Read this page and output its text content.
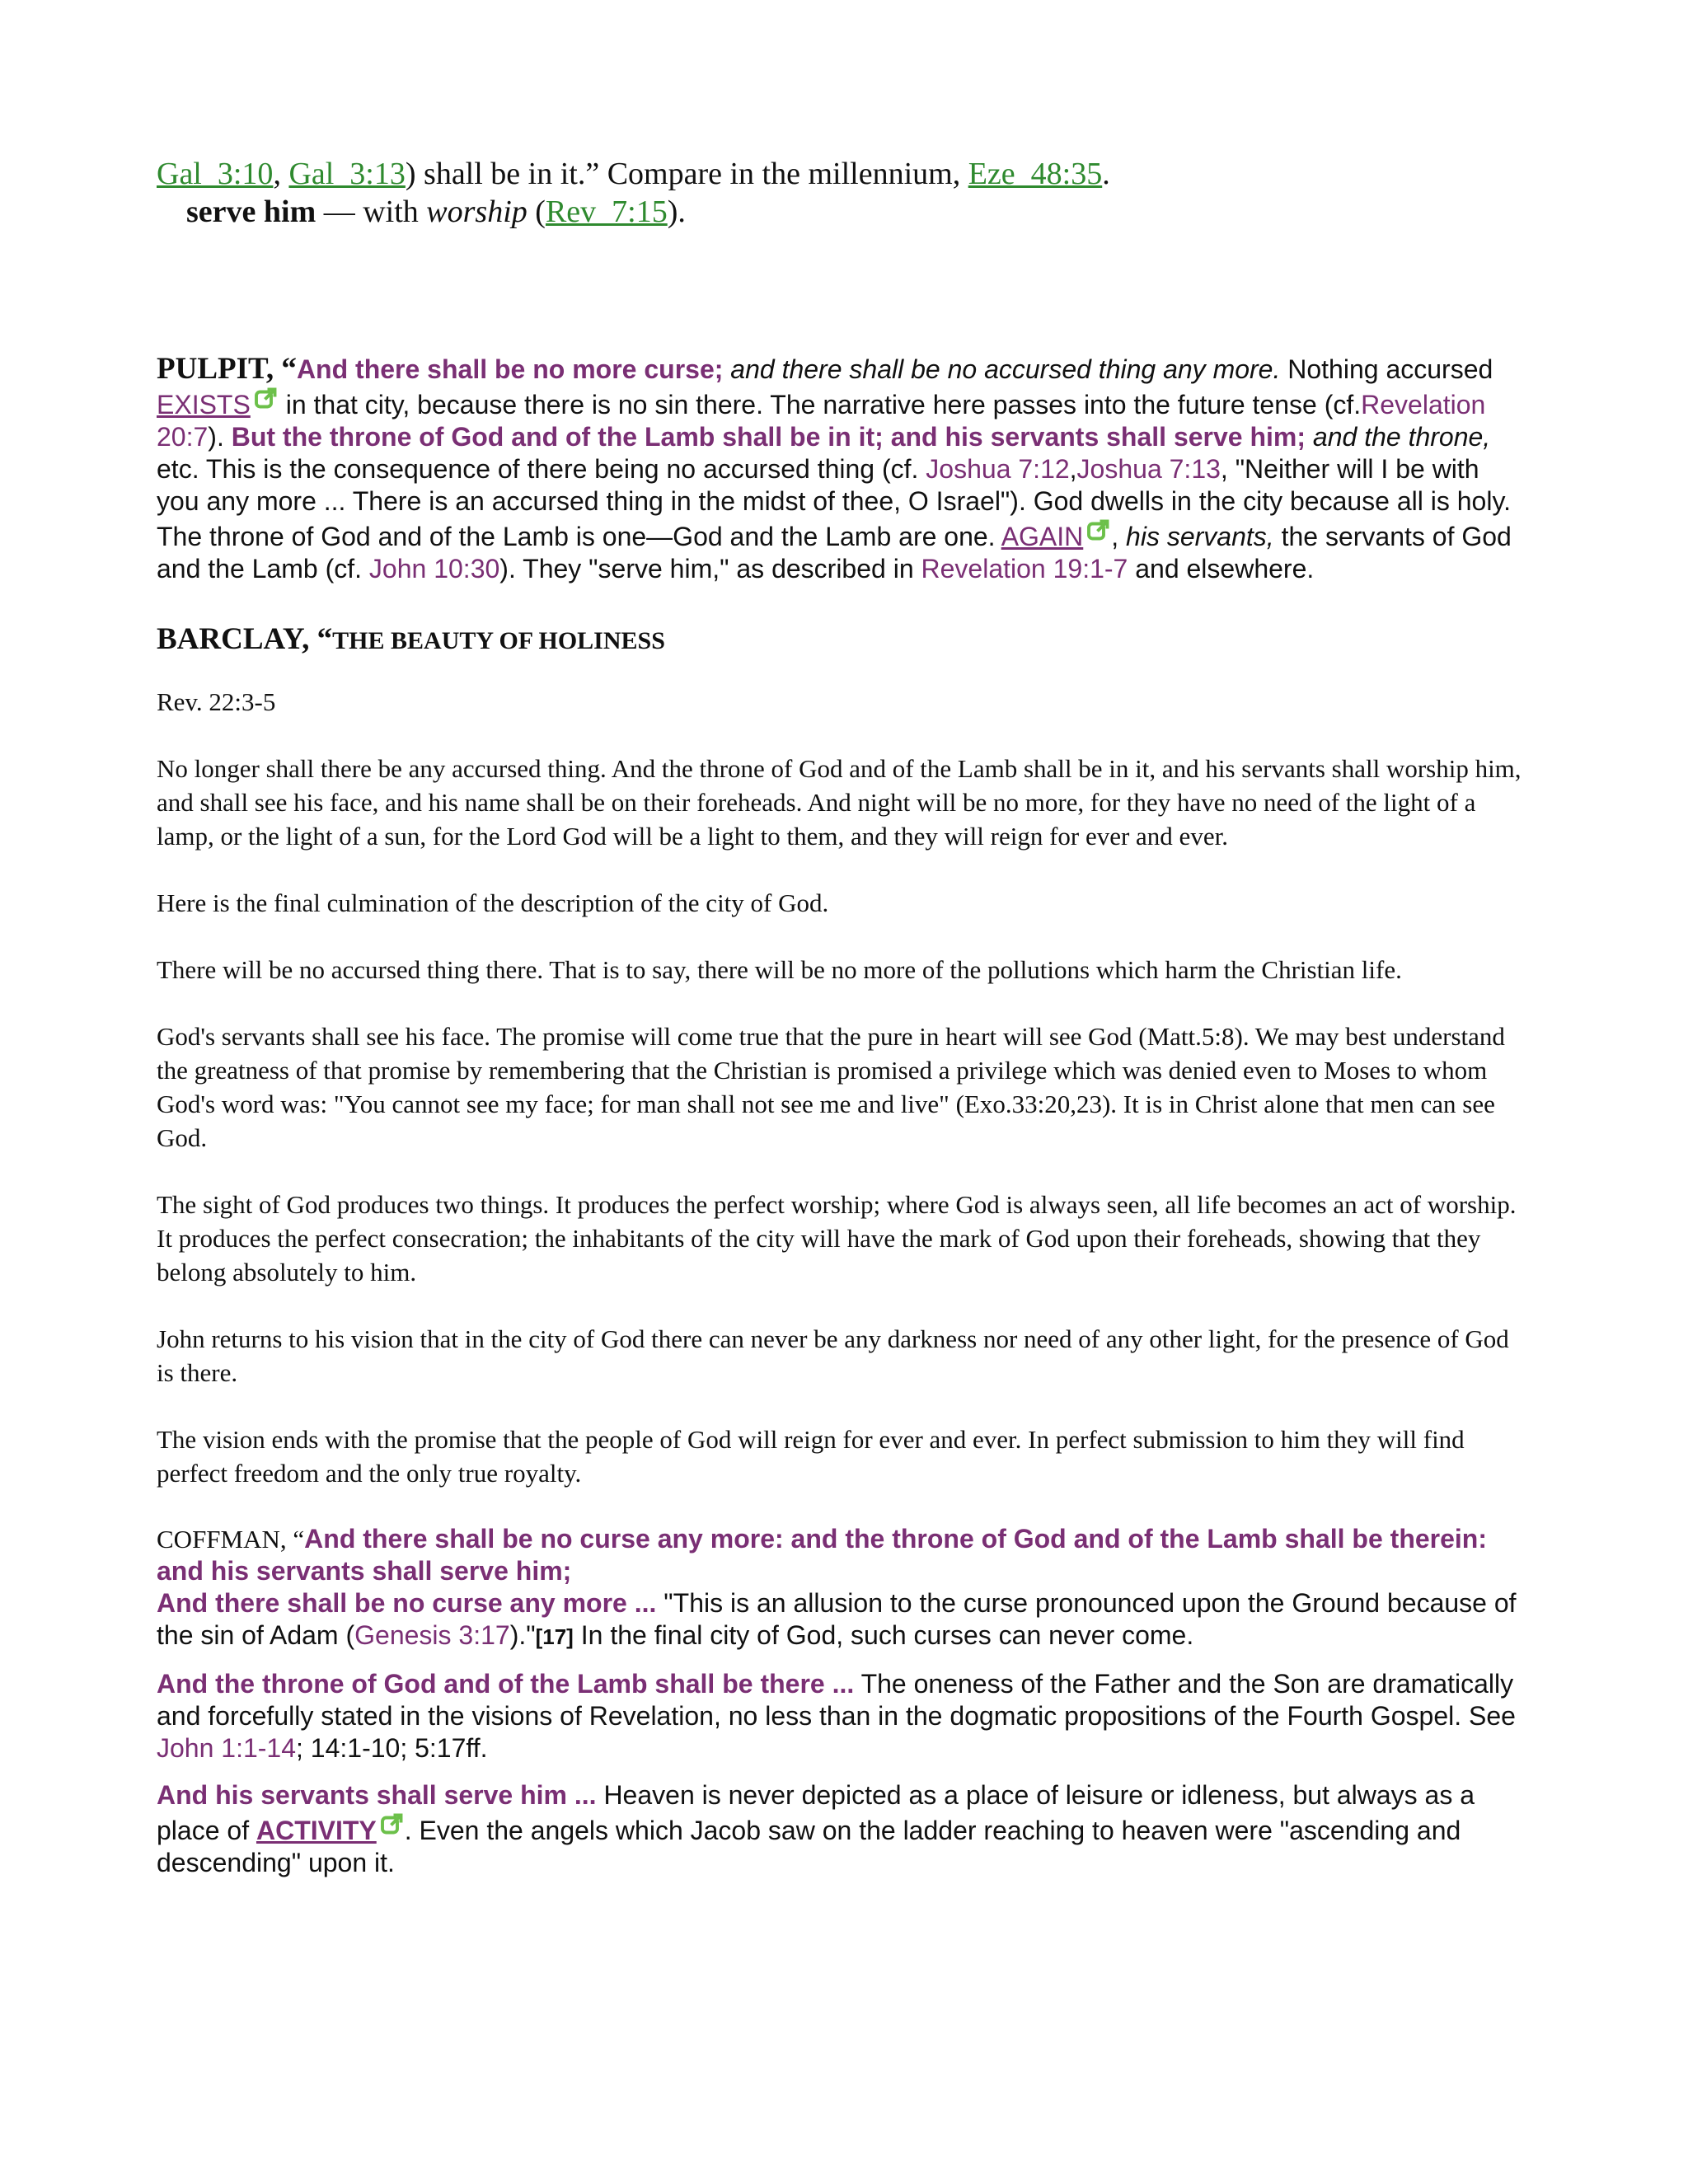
Gal_3:10, Gal_3:13) shall be in it.” Compare in the millennium, Eze_48:35.
serve him — with worship (Rev_7:15).
PULPIT, “And there shall be no more curse; and there shall be no accursed thing any more. Nothing accursed EXISTS in that city, because there is no sin there. The narrative here passes into the future tense (cf.Revelation 20:7). But the throne of God and of the Lamb shall be in it; and his servants shall serve him; and the throne, etc. This is the consequence of there being no accursed thing (cf. Joshua 7:12,Joshua 7:13, "Neither will I be with you any more ... There is an accursed thing in the midst of thee, O Israel"). God dwells in the city because all is holy. The throne of God and of the Lamb is one—God and the Lamb are one. AGAIN , his servants, the servants of God and the Lamb (cf. John 10:30). They "serve him," as described in Revelation 19:1-7 and elsewhere.
BARCLAY, “THE BEAUTY OF HOLINESS

Rev. 22:3-5

No longer shall there be any accursed thing. And the throne of God and of the Lamb shall be in it, and his servants shall worship him, and shall see his face, and his name shall be on their foreheads. And night will be no more, for they have no need of the light of a lamp, or the light of a sun, for the Lord God will be a light to them, and they will reign for ever and ever.

Here is the final culmination of the description of the city of God.

There will be no accursed thing there. That is to say, there will be no more of the pollutions which harm the Christian life.

God's servants shall see his face. The promise will come true that the pure in heart will see God (Matt.5:8). We may best understand the greatness of that promise by remembering that the Christian is promised a privilege which was denied even to Moses to whom God's word was: "You cannot see my face; for man shall not see me and live" (Exo.33:20,23). It is in Christ alone that men can see God.

The sight of God produces two things. It produces the perfect worship; where God is always seen, all life becomes an act of worship. It produces the perfect consecration; the inhabitants of the city will have the mark of God upon their foreheads, showing that they belong absolutely to him.

John returns to his vision that in the city of God there can never be any darkness nor need of any other light, for the presence of God is there.

The vision ends with the promise that the people of God will reign for ever and ever. In perfect submission to him they will find perfect freedom and the only true royalty.

COFFMAN, “And there shall be no curse any more: and the throne of God and of the Lamb shall be therein: and his servants shall serve him;
And there shall be no curse any more ... "This is an allusion to the curse pronounced upon the Ground because of the sin of Adam (Genesis 3:17)."[17] In the final city of God, such curses can never come.
And the throne of God and of the Lamb shall be there ... The oneness of the Father and the Son are dramatically and forcefully stated in the visions of Revelation, no less than in the dogmatic propositions of the Fourth Gospel. See John 1:1-14; 14:1-10; 5:17ff.
And his servants shall serve him ... Heaven is never depicted as a place of leisure or idleness, but always as a place of ACTIVITY . Even the angels which Jacob saw on the ladder reaching to heaven were "ascending and descending" upon it.
